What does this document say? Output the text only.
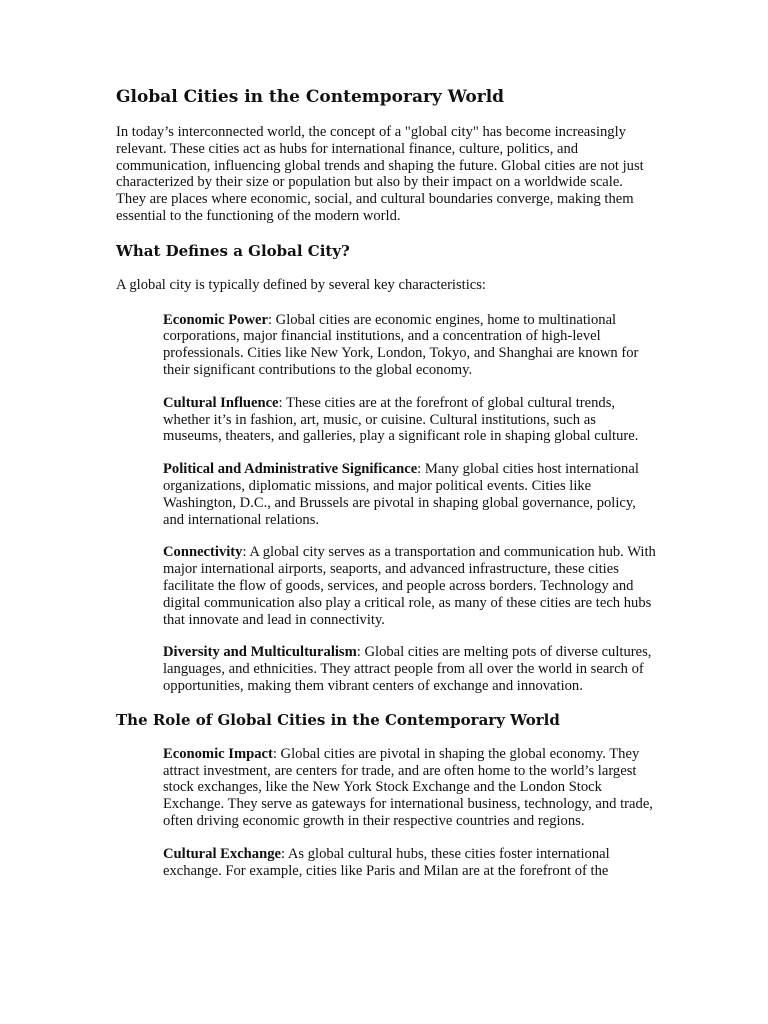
Global Cities in the Contemporary World

In today’s interconnected world, the concept of a "global city" has become increasingly relevant. These cities act as hubs for international finance, culture, politics, and communication, influencing global trends and shaping the future. Global cities are not just characterized by their size or population but also by their impact on a worldwide scale. They are places where economic, social, and cultural boundaries converge, making them essential to the functioning of the modern world.

What Defines a Global City?

A global city is typically defined by several key characteristics:

Economic Power: Global cities are economic engines, home to multinational corporations, major financial institutions, and a concentration of high-level professionals. Cities like New York, London, Tokyo, and Shanghai are known for their significant contributions to the global economy.

Cultural Influence: These cities are at the forefront of global cultural trends, whether it’s in fashion, art, music, or cuisine. Cultural institutions, such as museums, theaters, and galleries, play a significant role in shaping global culture.

Political and Administrative Significance: Many global cities host international organizations, diplomatic missions, and major political events. Cities like Washington, D.C., and Brussels are pivotal in shaping global governance, policy, and international relations.

Connectivity: A global city serves as a transportation and communication hub. With major international airports, seaports, and advanced infrastructure, these cities facilitate the flow of goods, services, and people across borders. Technology and digital communication also play a critical role, as many of these cities are tech hubs that innovate and lead in connectivity.

Diversity and Multiculturalism: Global cities are melting pots of diverse cultures, languages, and ethnicities. They attract people from all over the world in search of opportunities, making them vibrant centers of exchange and innovation.

The Role of Global Cities in the Contemporary World

Economic Impact: Global cities are pivotal in shaping the global economy. They attract investment, are centers for trade, and are often home to the world’s largest stock exchanges, like the New York Stock Exchange and the London Stock Exchange. They serve as gateways for international business, technology, and trade, often driving economic growth in their respective countries and regions.

Cultural Exchange: As global cultural hubs, these cities foster international exchange. For example, cities like Paris and Milan are at the forefront of the
